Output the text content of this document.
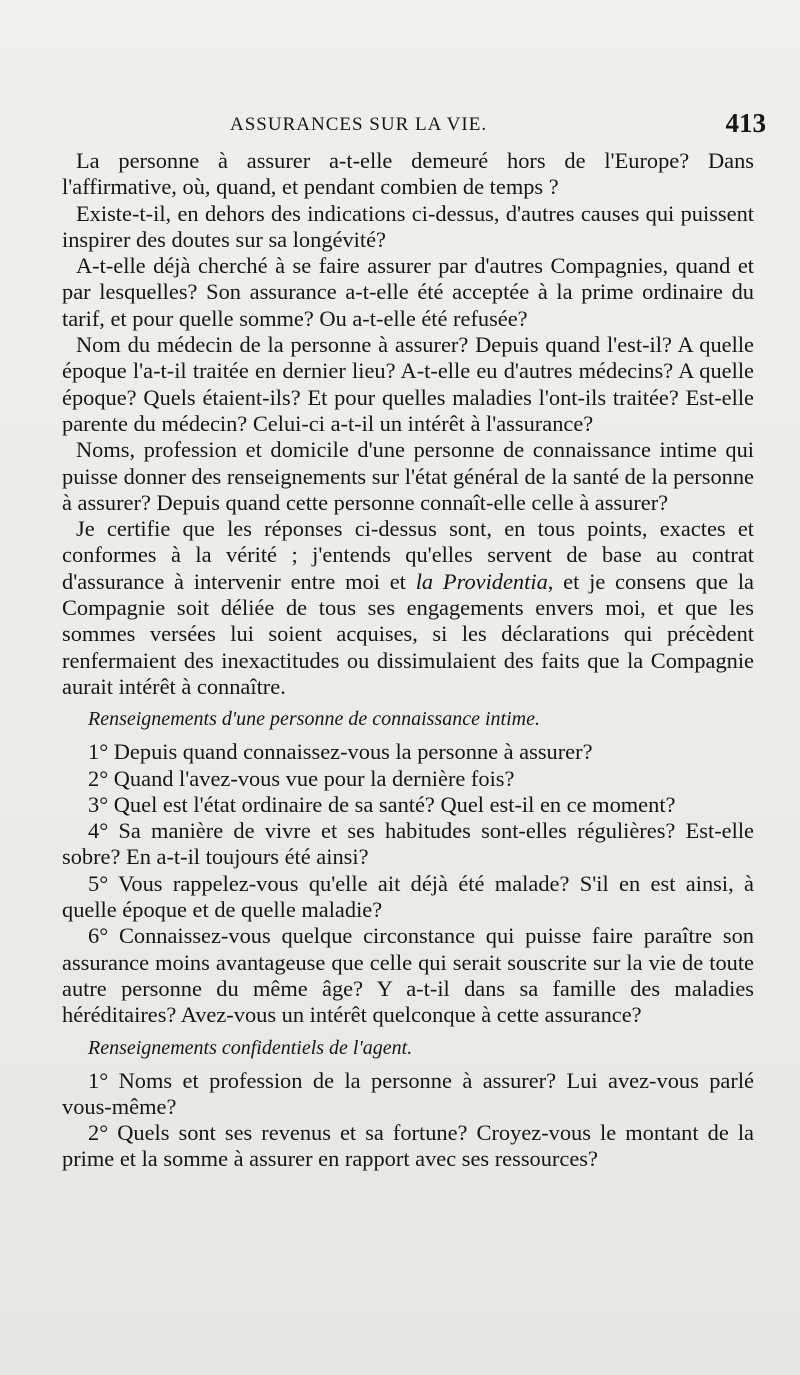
ASSURANCES SUR LA VIE.	413

La personne à assurer a-t-elle demeuré hors de l'Europe? Dans l'affirmative, où, quand, et pendant combien de temps ?

Existe-t-il, en dehors des indications ci-dessus, d'autres causes qui puissent inspirer des doutes sur sa longévité?

A-t-elle déjà cherché à se faire assurer par d'autres Compagnies, quand et par lesquelles? Son assurance a-t-elle été acceptée à la prime ordinaire du tarif, et pour quelle somme? Ou a-t-elle été refusée?

Nom du médecin de la personne à assurer? Depuis quand l'est-il? A quelle époque l'a-t-il traitée en dernier lieu? A-t-elle eu d'autres médecins? A quelle époque? Quels étaient-ils? Et pour quelles maladies l'ont-ils traitée? Est-elle parente du médecin? Celui-ci a-t-il un intérêt à l'assurance?

Noms, profession et domicile d'une personne de connaissance intime qui puisse donner des renseignements sur l'état général de la santé de la personne à assurer? Depuis quand cette personne connaît-elle celle à assurer?

Je certifie que les réponses ci-dessus sont, en tous points, exactes et conformes à la vérité ; j'entends qu'elles servent de base au contrat d'assurance à intervenir entre moi et la Providentia, et je consens que la Compagnie soit déliée de tous ses engagements envers moi, et que les sommes versées lui soient acquises, si les déclarations qui précèdent renfermaient des inexactitudes ou dissimulaient des faits que la Compagnie aurait intérêt à connaître.

Renseignements d'une personne de connaissance intime.

1° Depuis quand connaissez-vous la personne à assurer?

2° Quand l'avez-vous vue pour la dernière fois?

3° Quel est l'état ordinaire de sa santé? Quel est-il en ce moment?

4° Sa manière de vivre et ses habitudes sont-elles régulières? Est-elle sobre? En a-t-il toujours été ainsi?

5° Vous rappelez-vous qu'elle ait déjà été malade? S'il en est ainsi, à quelle époque et de quelle maladie?

6° Connaissez-vous quelque circonstance qui puisse faire paraître son assurance moins avantageuse que celle qui serait souscrite sur la vie de toute autre personne du même âge? Y a-t-il dans sa famille des maladies héréditaires? Avez-vous un intérêt quelconque à cette assurance?

Renseignements confidentiels de l'agent.

1° Noms et profession de la personne à assurer? Lui avez-vous parlé vous-même?

2° Quels sont ses revenus et sa fortune? Croyez-vous le montant de la prime et la somme à assurer en rapport avec ses ressources?
